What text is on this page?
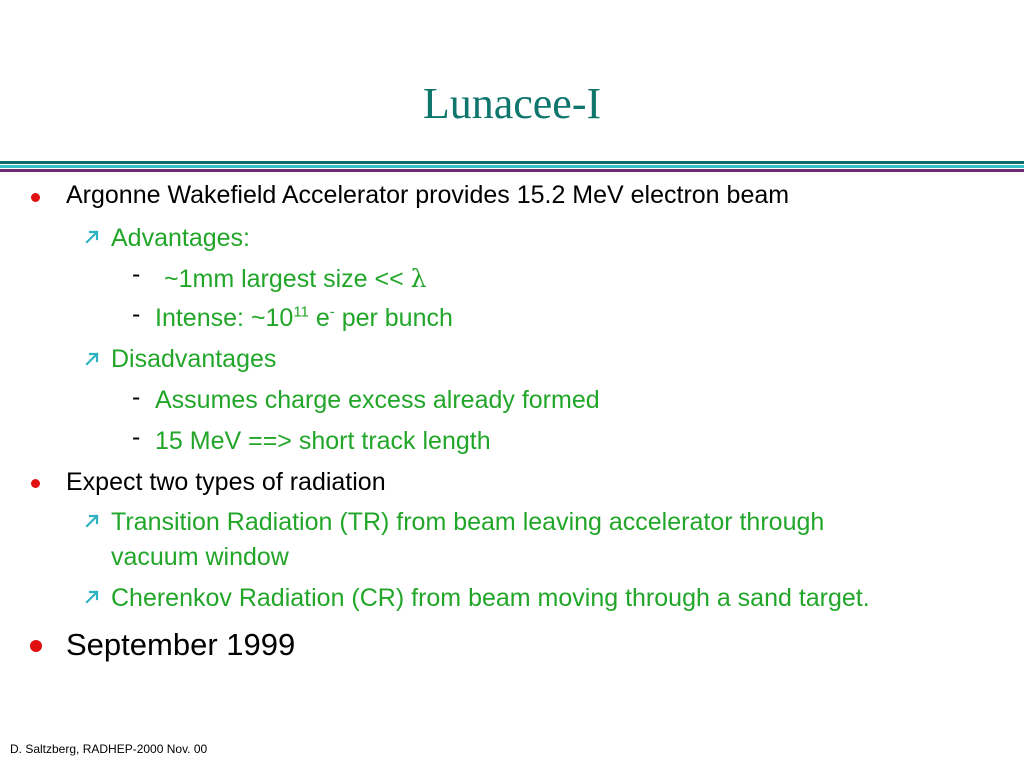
Lunacee-I
Argonne Wakefield Accelerator provides 15.2 MeV electron beam
Advantages:
- ~1mm largest size << λ
- Intense: $\sim 10^{11}$ e- per bunch
Disadvantages
- Assumes charge excess already formed
- 15 MeV ==> short track length
Expect two types of radiation
Transition Radiation (TR) from beam leaving accelerator through
vacuum window
Cherenkov Radiation (CR) from beam moving through a sand target.
September 1999
D. Saltzberg, RADHEP-2000 Nov. 00
